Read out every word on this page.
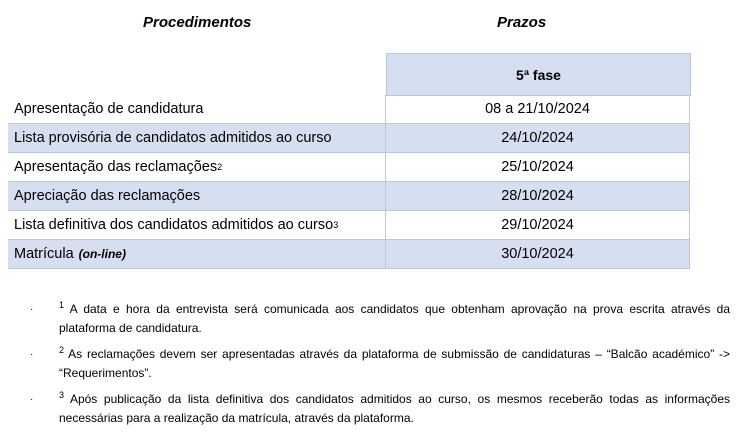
Procedimentos	Prazos
5ª fase
Apresentação de candidatura	08 a 21/10/2024
Lista provisória de candidatos admitidos ao curso	24/10/2024
Apresentação das reclamações 2	25/10/2024
Apreciação das reclamações	28/10/2024
Lista definitiva dos candidatos admitidos ao curso 3	29/10/2024
Matrícula (on-line)	30/10/2024
·	$^1$ A data e hora da entrevista será comunicada aos candidatos que obtenham aprovação na prova escrita através da plataforma de candidatura.
·	$^2$ As reclamações devem ser apresentadas através da plataforma de submissão de candidaturas – “Balcão académico” -> “Requerimentos”.
·	$^3$ Após publicação da lista definitiva dos candidatos admitidos ao curso, os mesmos receberão todas as informações necessárias para a realização da matrícula, através da plataforma.
